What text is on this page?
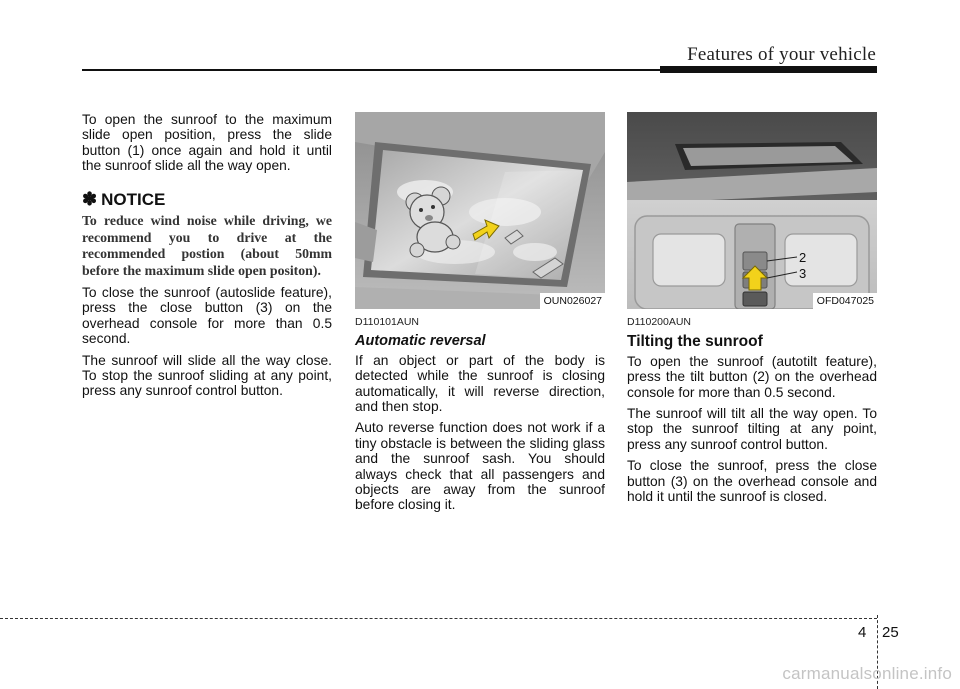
Features of your vehicle

To open the sunroof to the maximum slide open position, press the slide button (1) once again and hold it until the sunroof slide all the way open.

✽ NOTICE

To reduce wind noise while driving, we recommend you to drive at the recommended postion (about 50mm before the maximum slide open positon).

To close the sunroof (autoslide feature), press the close button (3) on the overhead console for more than 0.5 second.

The sunroof will slide all the way close. To stop the sunroof sliding at any point, press any sunroof control button.

OUN026027
D110101AUN
Automatic reversal

If an object or part of the body is detected while the sunroof is closing automatically, it will reverse direction, and then stop.

Auto reverse function does not work if a tiny obstacle is between the sliding glass and the sunroof sash. You should always check that all passengers and objects are away from the sunroof before closing it.

2
3
OFD047025
D110200AUN
Tilting the sunroof

To open the sunroof (autotilt feature), press the tilt button (2) on the overhead console for more than 0.5 second.

The sunroof will tilt all the way open. To stop the sunroof tilting at any point, press any sunroof control button.

To close the sunroof, press the close button (3) on the overhead console and hold it until the sunroof is closed.

4 25
carmanualsonline.info
